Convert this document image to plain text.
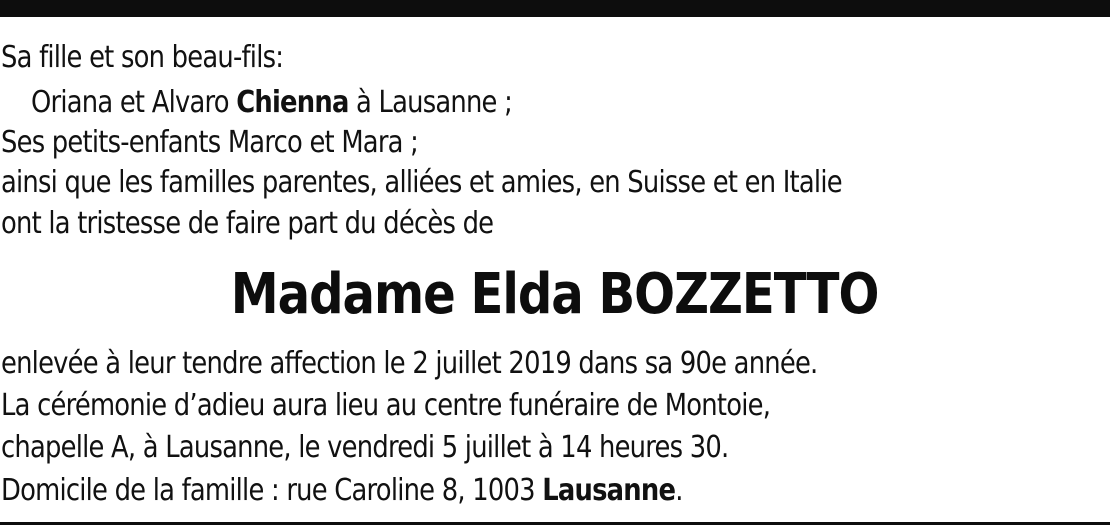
Sa fille et son beau-fils:
Oriana et Alvaro Chienna à Lausanne ;
Ses petits-enfants Marco et Mara ;
ainsi que les familles parentes, alliées et amies, en Suisse et en Italie
ont la tristesse de faire part du décès de
Madame Elda BOZZETTO
enlevée à leur tendre affection le 2 juillet 2019 dans sa 90e année.
La cérémonie d’adieu aura lieu au centre funéraire de Montoie,
chapelle A, à Lausanne, le vendredi 5 juillet à 14 heures 30.
Domicile de la famille : rue Caroline 8, 1003 Lausanne.
